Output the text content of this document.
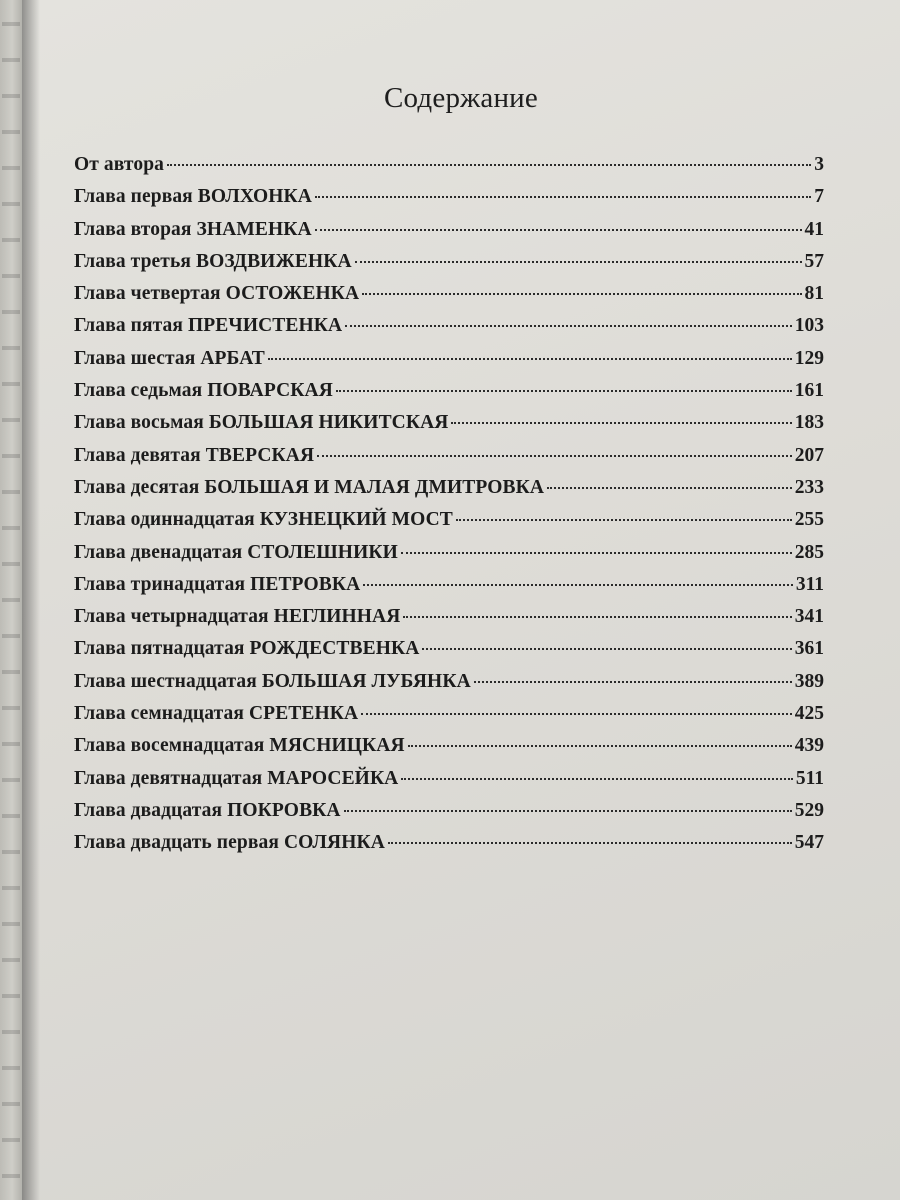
Содержание
От автора	3
Глава первая ВОЛХОНКА	7
Глава вторая ЗНАМЕНКА	41
Глава третья ВОЗДВИЖЕНКА	57
Глава четвертая ОСТОЖЕНКА	81
Глава пятая ПРЕЧИСТЕНКА	103
Глава шестая АРБАТ	129
Глава седьмая ПОВАРСКАЯ	161
Глава восьмая БОЛЬШАЯ НИКИТСКАЯ	183
Глава девятая ТВЕРСКАЯ	207
Глава десятая БОЛЬШАЯ И МАЛАЯ ДМИТРОВКА	233
Глава одиннадцатая КУЗНЕЦКИЙ МОСТ	255
Глава двенадцатая СТОЛЕШНИКИ	285
Глава тринадцатая ПЕТРОВКА	311
Глава четырнадцатая НЕГЛИННАЯ	341
Глава пятнадцатая РОЖДЕСТВЕНКА	361
Глава шестнадцатая БОЛЬШАЯ ЛУБЯНКА	389
Глава семнадцатая СРЕТЕНКА	425
Глава восемнадцатая МЯСНИЦКАЯ	439
Глава девятнадцатая МАРОСЕЙКА	511
Глава двадцатая ПОКРОВКА	529
Глава двадцать первая СОЛЯНКА	547
